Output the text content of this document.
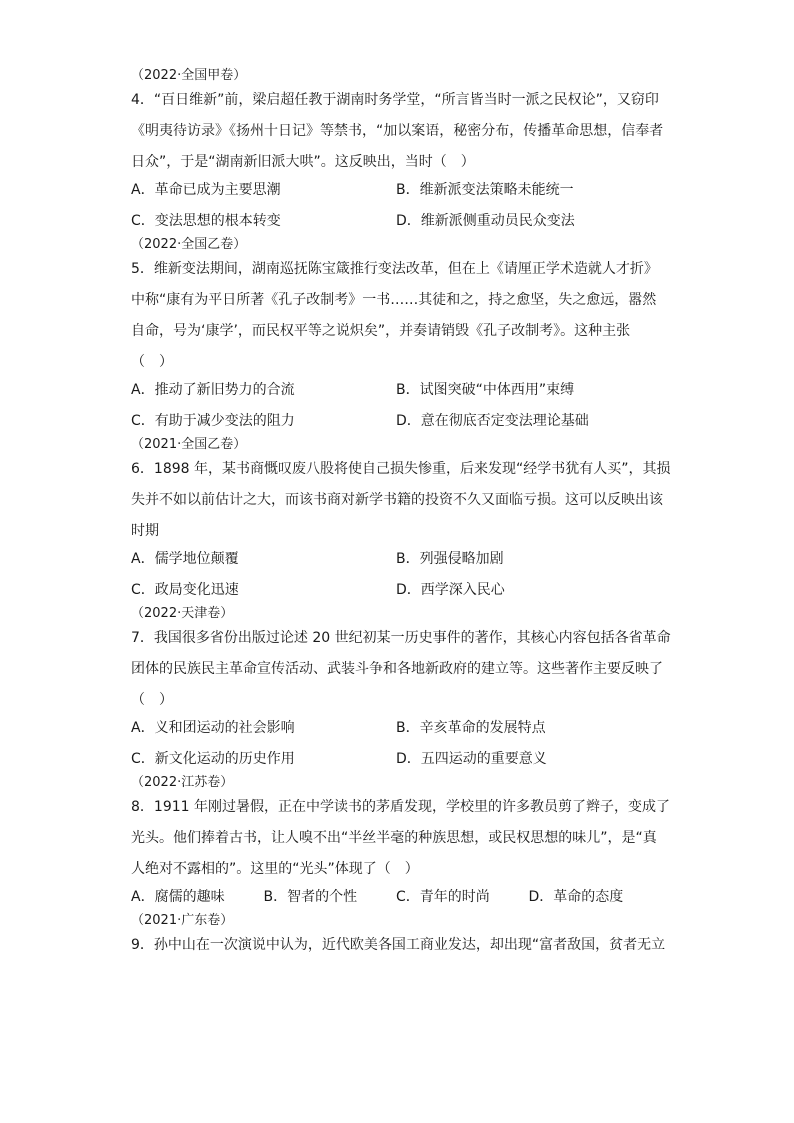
（2022·全国甲卷）

4．“百日维新”前，梁启超任教于湖南时务学堂，“所言皆当时一派之民权论”，又窃印

《明夷待访录》《扬州十日记》等禁书，“加以案语，秘密分布，传播革命思想，信奉者

日众”，于是“湖南新旧派大哄”。这反映出，当时（　）

A．革命已成为主要思潮	B．维新派变法策略未能统一
C．变法思想的根本转变	D．维新派侧重动员民众变法
（2022·全国乙卷）

5．维新变法期间，湖南巡抚陈宝箴推行变法改革，但在上《请厘正学术造就人才折》

中称“康有为平日所著《孔子改制考》一书……其徒和之，持之愈坚，失之愈远，嚣然

自命，号为‘康学’，而民权平等之说炽矣”，并奏请销毁《孔子改制考》。这种主张

（　）

A．推动了新旧势力的合流	B．试图突破“中体西用”束缚
C．有助于减少变法的阻力	D．意在彻底否定变法理论基础
（2021·全国乙卷）

6．1898 年，某书商慨叹废八股将使自己损失惨重，后来发现“经学书犹有人买”，其损

失并不如以前估计之大，而该书商对新学书籍的投资不久又面临亏损。这可以反映出该

时期

A．儒学地位颠覆	B．列强侵略加剧
C．政局变化迅速	D．西学深入民心
（2022·天津卷）

7．我国很多省份出版过论述 20 世纪初某一历史事件的著作，其核心内容包括各省革命

团体的民族民主革命宣传活动、武装斗争和各地新政府的建立等。这些著作主要反映了

（　）

A．义和团运动的社会影响	B．辛亥革命的发展特点
C．新文化运动的历史作用	D．五四运动的重要意义
（2022·江苏卷）

8．1911 年刚过暑假，正在中学读书的茅盾发现，学校里的许多教员剪了辫子，变成了

光头。他们捧着古书，让人嗅不出“半丝半毫的种族思想，或民权思想的味儿”，是“真

人绝对不露相的”。这里的“光头”体现了（　）

A．腐儒的趣味	B．智者的个性	C．青年的时尚	D．革命的态度
（2021·广东卷）

9．孙中山在一次演说中认为，近代欧美各国工商业发达，却出现“富者敌国，贫者无立
